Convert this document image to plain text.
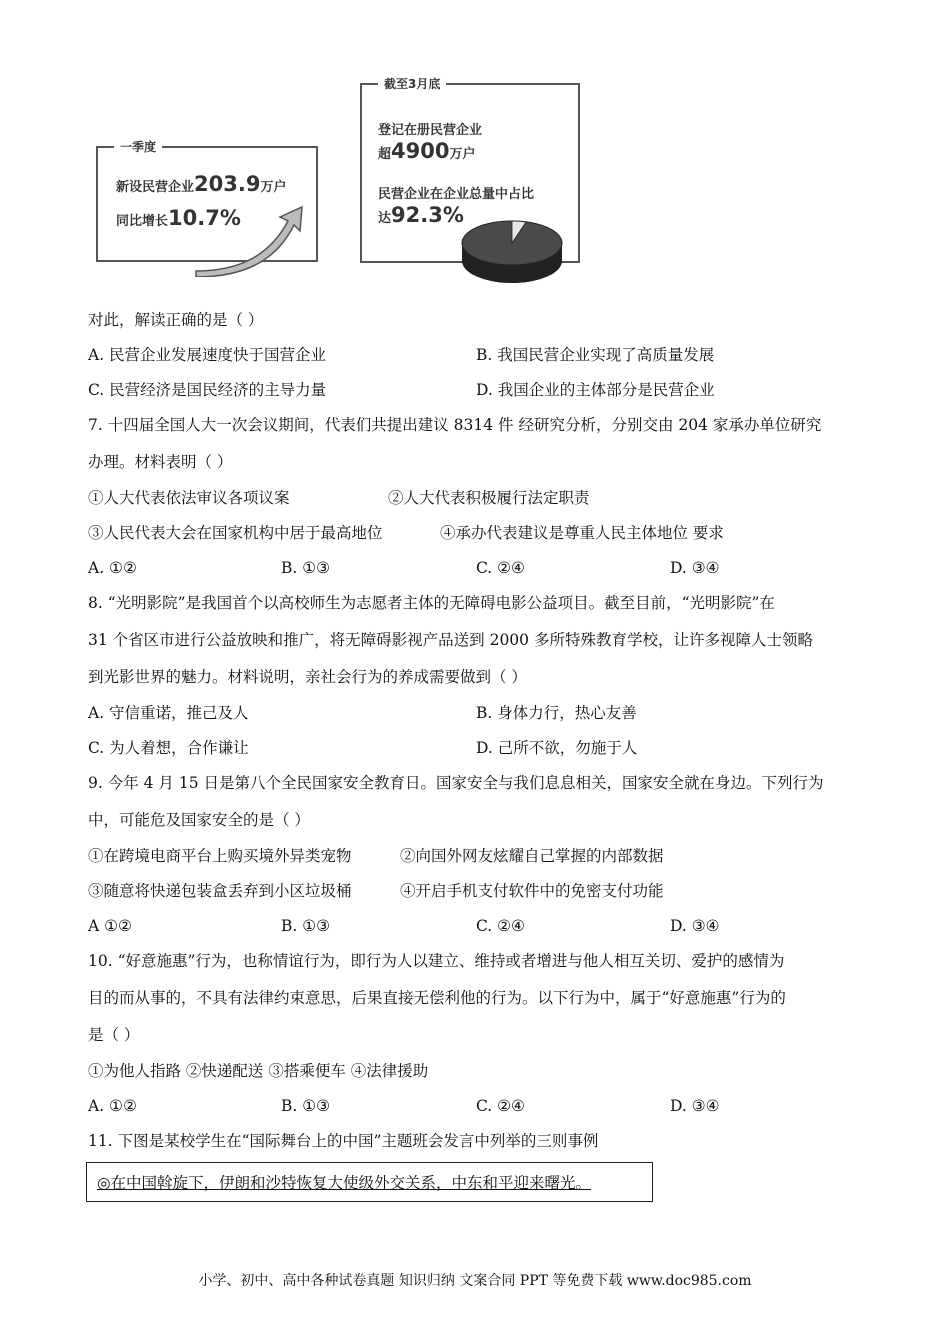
一季度
新设民营企业203.9万户
同比增长10.7%
截至3月底
登记在册民营企业
超4900万户
民营企业在企业总量中占比
达92.3%
对此，解读正确的是（ ）
A. 民营企业发展速度快于国营企业	B. 我国民营企业实现了高质量发展
C. 民营经济是国民经济的主导力量	D. 我国企业的主体部分是民营企业
7. 十四届全国人大一次会议期间，代表们共提出建议 8314 件 经研究分析，分别交由 204 家承办单位研究
办理。材料表明（ ）
①人大代表依法审议各项议案	②人大代表积极履行法定职责
③人民代表大会在国家机构中居于最高地位	④承办代表建议是尊重人民主体地位 要求
A. ①②	B. ①③	C. ②④	D. ③④
8. “光明影院”是我国首个以高校师生为志愿者主体的无障碍电影公益项目。截至目前，“光明影院”在
31 个省区市进行公益放映和推广，将无障碍影视产品送到 2000 多所特殊教育学校，让许多视障人士领略
到光影世界的魅力。材料说明，亲社会行为的养成需要做到（ ）
A. 守信重诺，推己及人	B. 身体力行，热心友善
C. 为人着想，合作谦让	D. 己所不欲，勿施于人
9. 今年 4 月 15 日是第八个全民国家安全教育日。国家安全与我们息息相关，国家安全就在身边。下列行为
中，可能危及国家安全的是（ ）
①在跨境电商平台上购买境外异类宠物	②向国外网友炫耀自己掌握的内部数据
③随意将快递包装盒丢弃到小区垃圾桶	④开启手机支付软件中的免密支付功能
A ①②	B. ①③	C. ②④	D. ③④
10. “好意施惠”行为，也称情谊行为，即行为人以建立、维持或者增进与他人相互关切、爱护的感情为
目的而从事的，不具有法律约束意思，后果直接无偿利他的行为。以下行为中，属于“好意施惠”行为的
是（ ）
①为他人指路 ②快递配送 ③搭乘便车 ④法律援助
A. ①②	B. ①③	C. ②④	D. ③④
11. 下图是某校学生在“国际舞台上的中国”主题班会发言中列举的三则事例
◎在中国斡旋下，伊朗和沙特恢复大使级外交关系，中东和平迎来曙光。
小学、初中、高中各种试卷真题 知识归纳 文案合同 PPT 等免费下载 www.doc985.com
